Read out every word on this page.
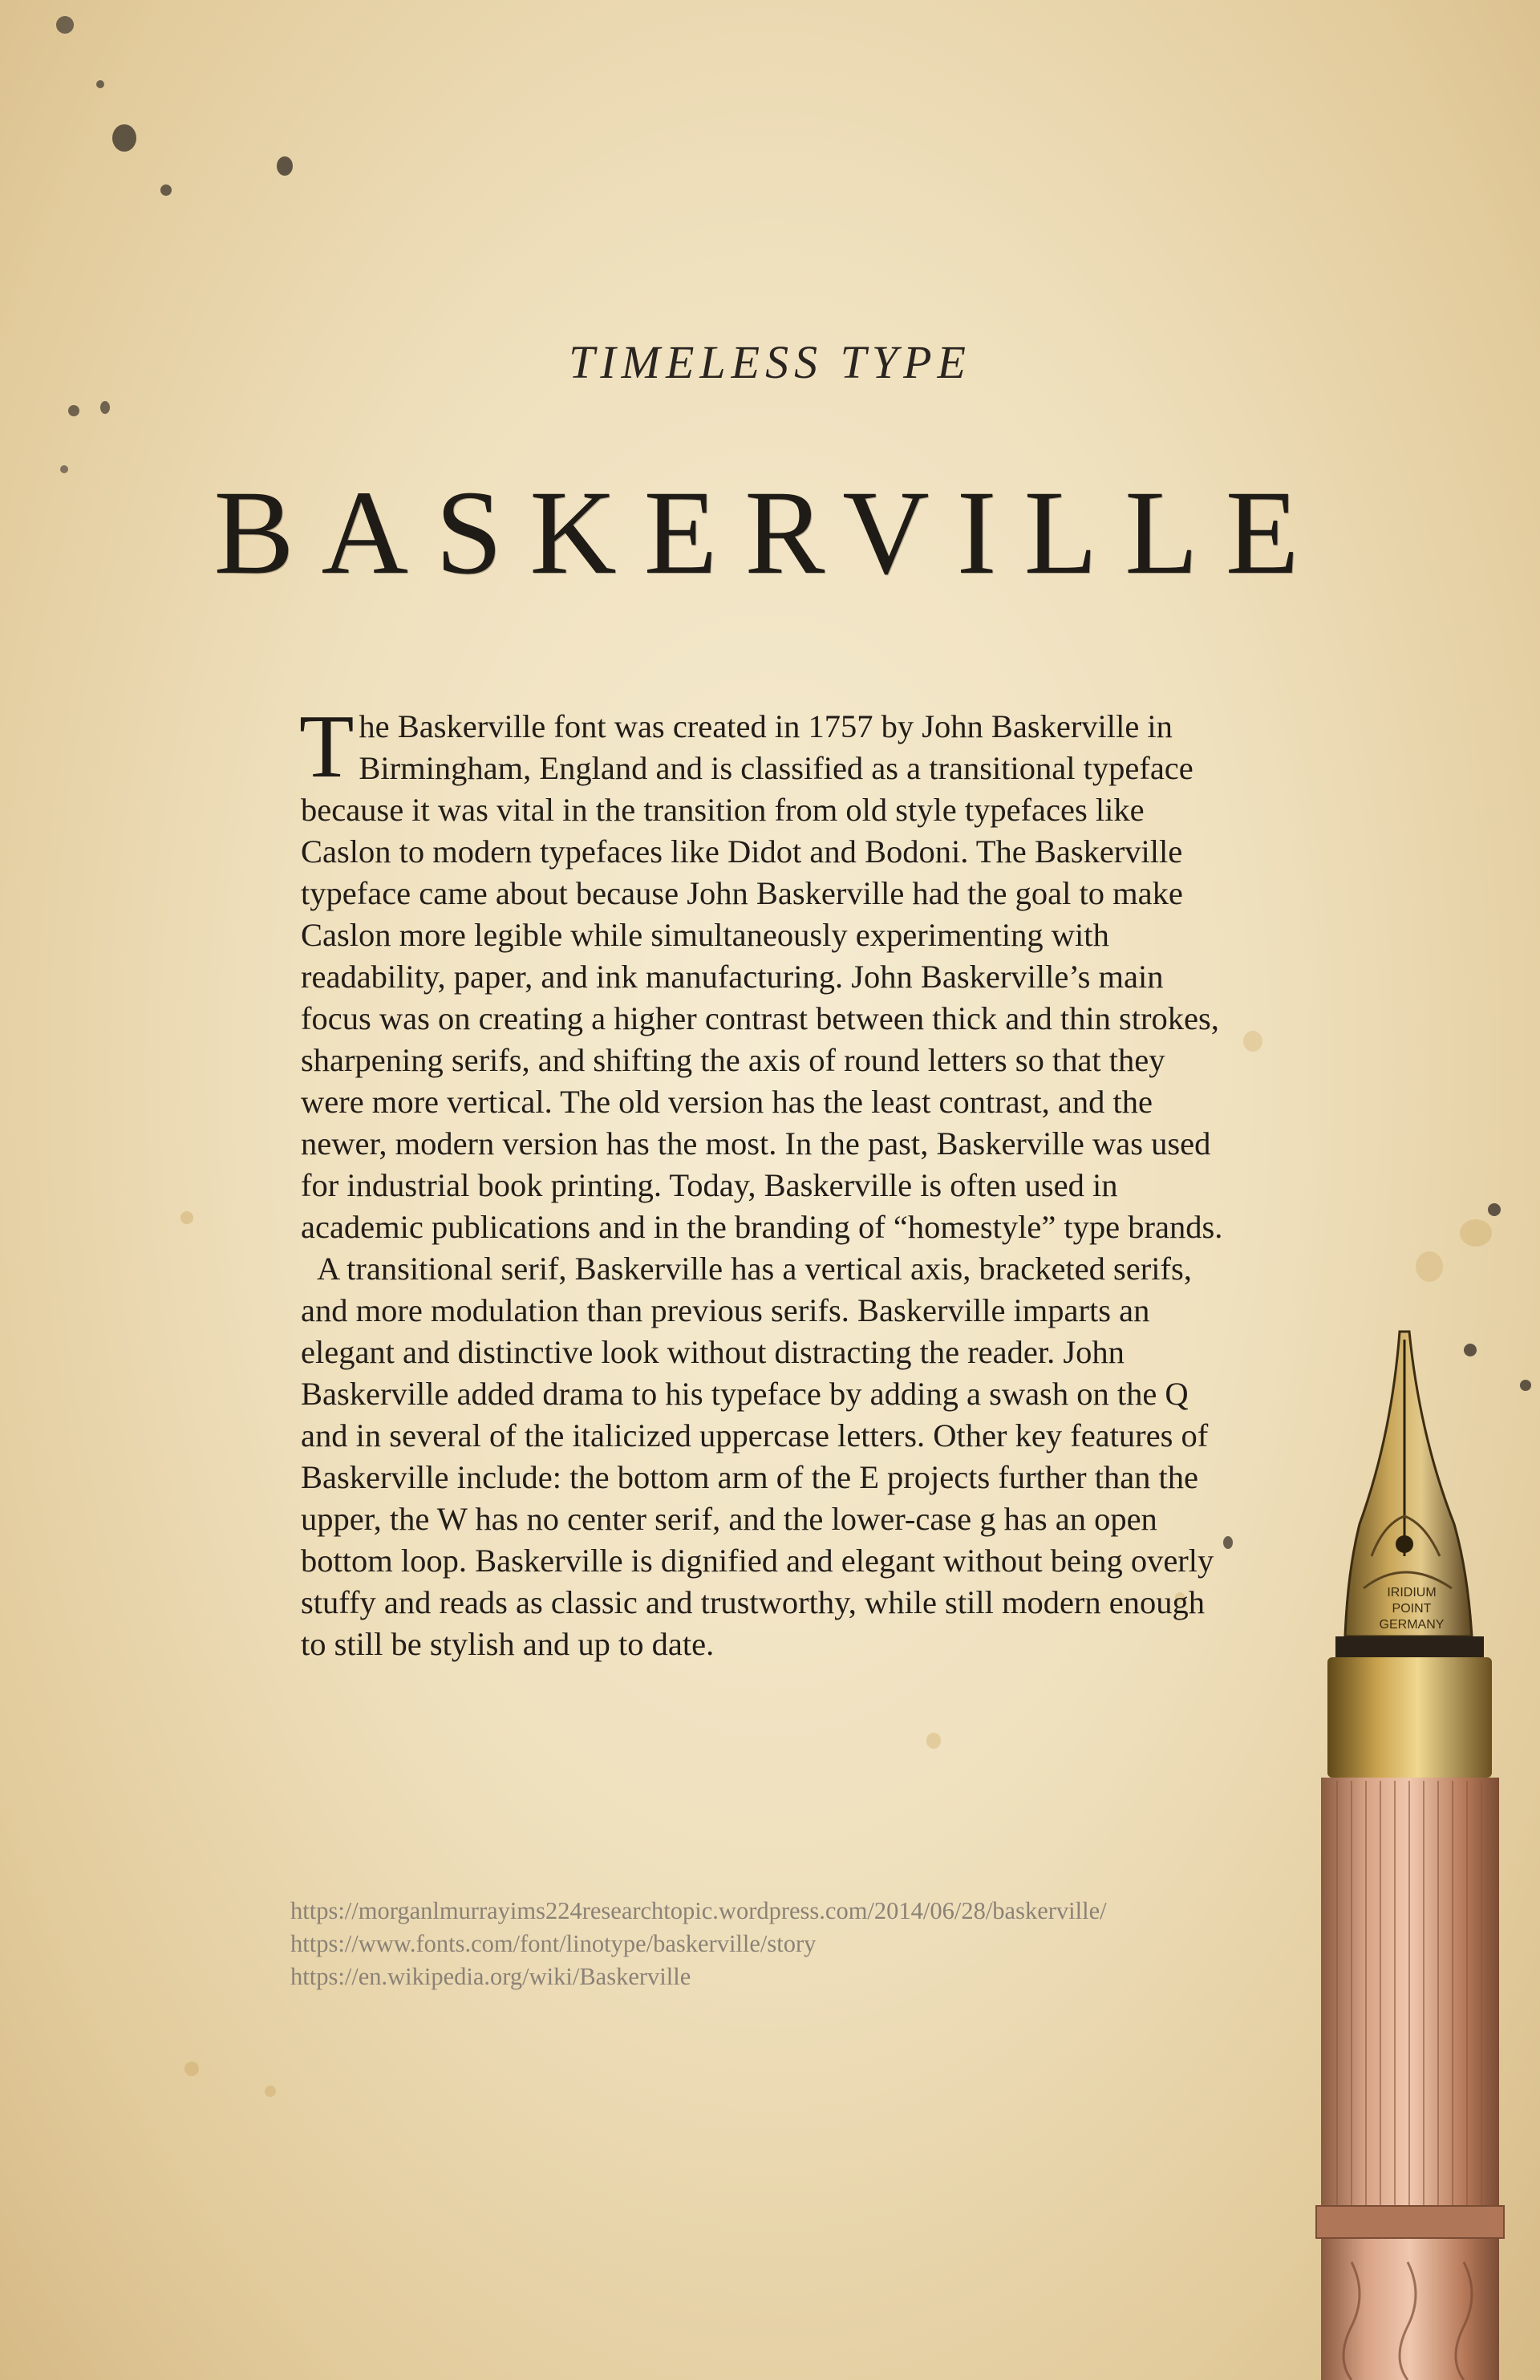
TIMELESS TYPE
BASKERVILLE

The Baskerville font was created in 1757 by John Baskerville in Birmingham, England and is classified as a transitional typeface because it was vital in the transition from old style typefaces like Caslon to modern typefaces like Didot and Bodoni. The Baskerville typeface came about because John Baskerville had the goal to make Caslon more legible while simultaneously experimenting with readability, paper, and ink manufacturing. John Baskerville’s main focus was on creating a higher contrast between thick and thin strokes, sharpening serifs, and shifting the axis of round letters so that they were more vertical. The old version has the least contrast, and the newer, modern version has the most. In the past, Baskerville was used for industrial book printing. Today, Baskerville is often used in academic publications and in the branding of “homestyle” type brands.

A transitional serif, Baskerville has a vertical axis, bracketed serifs, and more modulation than previous serifs. Baskerville imparts an elegant and distinctive look without distracting the reader. John Baskerville added drama to his typeface by adding a swash on the Q and in several of the italicized uppercase letters. Other key features of Baskerville include: the bottom arm of the E projects further than the upper, the W has no center serif, and the lower-case g has an open bottom loop. Baskerville is dignified and elegant without being overly stuffy and reads as classic and trustworthy, while still modern enough to still be stylish and up to date.

https://morganlmurrayims224researchtopic.wordpress.com/2014/06/28/baskerville/
https://www.fonts.com/font/linotype/baskerville/story
https://en.wikipedia.org/wiki/Baskerville
IRIDIUM
POINT
GERMANY
